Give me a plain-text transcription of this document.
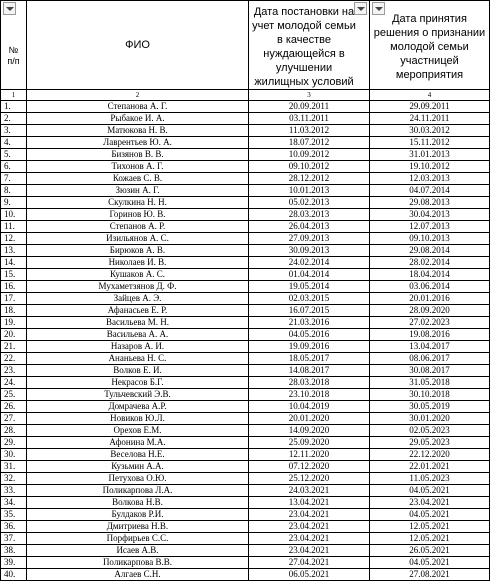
№
п/п	ФИО	Дата постановки на учет молодой семьи в качестве нуждающейся в улучшении жилищных условий	Дата принятия решения о признании молодой семьи участницей мероприятия

1	2	3	4
1.	Степанова А. Г.	20.09.2011	29.09.2011
2.	Рыбакое И. А.	03.11.2011	24.11.2011
3.	Матюкова Н. В.	11.03.2012	30.03.2012
4.	Лаврентьев Ю. А.	18.07.2012	15.11.2012
5.	Бизянов В. В.	10.09.2012	31.01.2013
6.	Тихонов А. Г.	09.10.2012	19.10.2012
7.	Кожаев С. В.	28.12.2012	12.03.2013
8.	Зюзин А. Г.	10.01.2013	04.07.2014
9.	Скулкина Н. Н.	05.02.2013	29.08.2013
10.	Горинов Ю. В.	28.03.2013	30.04.2013
11.	Степанов А. Р.	26.04.2013	12.07.2013
12.	Изильянов А. С.	27.09.2013	09.10.2013
13.	Бирюков А. В.	30.09.2013	29.08.2014
14.	Николаев И. В.	24.02.2014	28.02.2014
15.	Кушаков А. С.	01.04.2014	18.04.2014
16.	Мухаметзянов Д. Ф.	19.05.2014	03.06.2014
17.	Зайцев А. Э.	02.03.2015	20.01.2016
18.	Афанасьев Е. Р.	16.07.2015	28.09.2020
19.	Васильева М. Н.	21.03.2016	27.02.2023
20.	Васильева А. А.	04.05.2016	19.08.2016
21.	Назаров А. И.	19.09.2016	13.04.2017
22.	Ананьева Н. С.	18.05.2017	08.06.2017
23.	Волков Е. И.	14.08.2017	30.08.2017
24.	Некрасов Б.Г.	28.03.2018	31.05.2018
25.	Тульчевский Э.В.	23.10.2018	30.10.2018
26.	Домрачева А.Р.	10.04.2019	30.05.2019
27.	Новиков Ю.Л.	20.01.2020	30.01.2020
28.	Орехов Е.М.	14.09.2020	02.05.2023
29.	Афонина М.А.	25.09.2020	29.05.2023
30.	Веселова Н.Е.	12.11.2020	22.12.2020
31.	Кузьмин А.А.	07.12.2020	22.01.2021
32.	Петухова О.Ю.	25.12.2020	11.05.2023
33.	Поликарпова Л.А.	24.03.2021	04.05.2021
34.	Волкова Н.В.	13.04.2021	23.04.2021
35.	Булдаков Р.И.	23.04.2021	04.05.2021
36.	Дмитриева Н.В.	23.04.2021	12.05.2021
37.	Порфирьев С.С.	23.04.2021	12.05.2021
38.	Исаев А.В.	23.04.2021	26.05.2021
39.	Поликарпова В.В.	27.04.2021	04.05.2021
40.	Алгаев С.Н.	06.05.2021	27.08.2021
